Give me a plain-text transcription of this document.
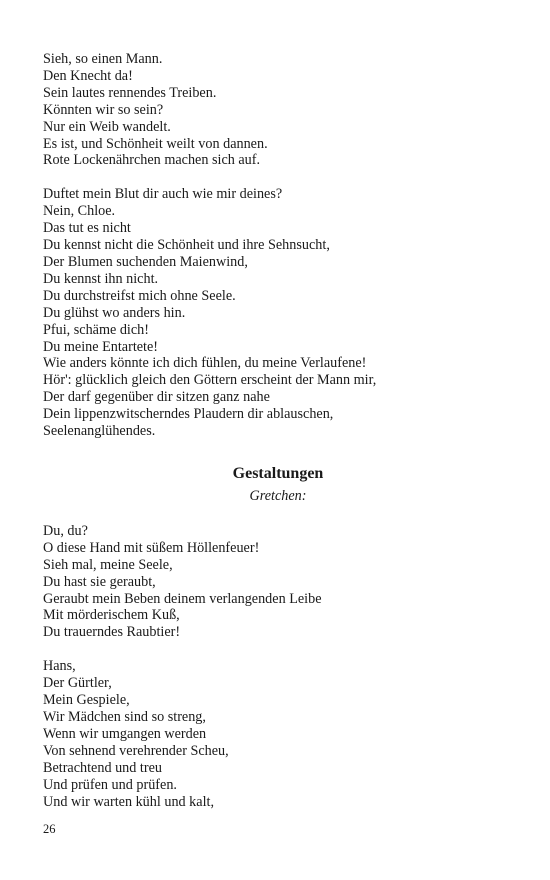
Sieh, so einen Mann.
Den Knecht da!
Sein lautes rennendes Treiben.
Könnten wir so sein?
Nur ein Weib wandelt.
Es ist, und Schönheit weilt von dannen.
Rote Lockenährchen machen sich auf.
Duftet mein Blut dir auch wie mir deines?
Nein, Chloe.
Das tut es nicht
Du kennst nicht die Schönheit und ihre Sehnsucht,
Der Blumen suchenden Maienwind,
Du kennst ihn nicht.
Du durchstreifst mich ohne Seele.
Du glühst wo anders hin.
Pfui, schäme dich!
Du meine Entartete!
Wie anders könnte ich dich fühlen, du meine Verlaufene!
Hör': glücklich gleich den Göttern erscheint der Mann mir,
Der darf gegenüber dir sitzen ganz nahe
Dein lippenzwitscherndes Plaudern dir ablauschen,
Seelenanglühendes.
Gestaltungen
Gretchen:
Du, du?
O diese Hand mit süßem Höllenfeuer!
Sieh mal, meine Seele,
Du hast sie geraubt,
Geraubt mein Beben deinem verlangenden Leibe
Mit mörderischem Kuß,
Du trauerndes Raubtier!
Hans,
Der Gürtler,
Mein Gespiele,
Wir Mädchen sind so streng,
Wenn wir umgangen werden
Von sehnend verehrender Scheu,
Betrachtend und treu
Und prüfen und prüfen.
Und wir warten kühl und kalt,
26
